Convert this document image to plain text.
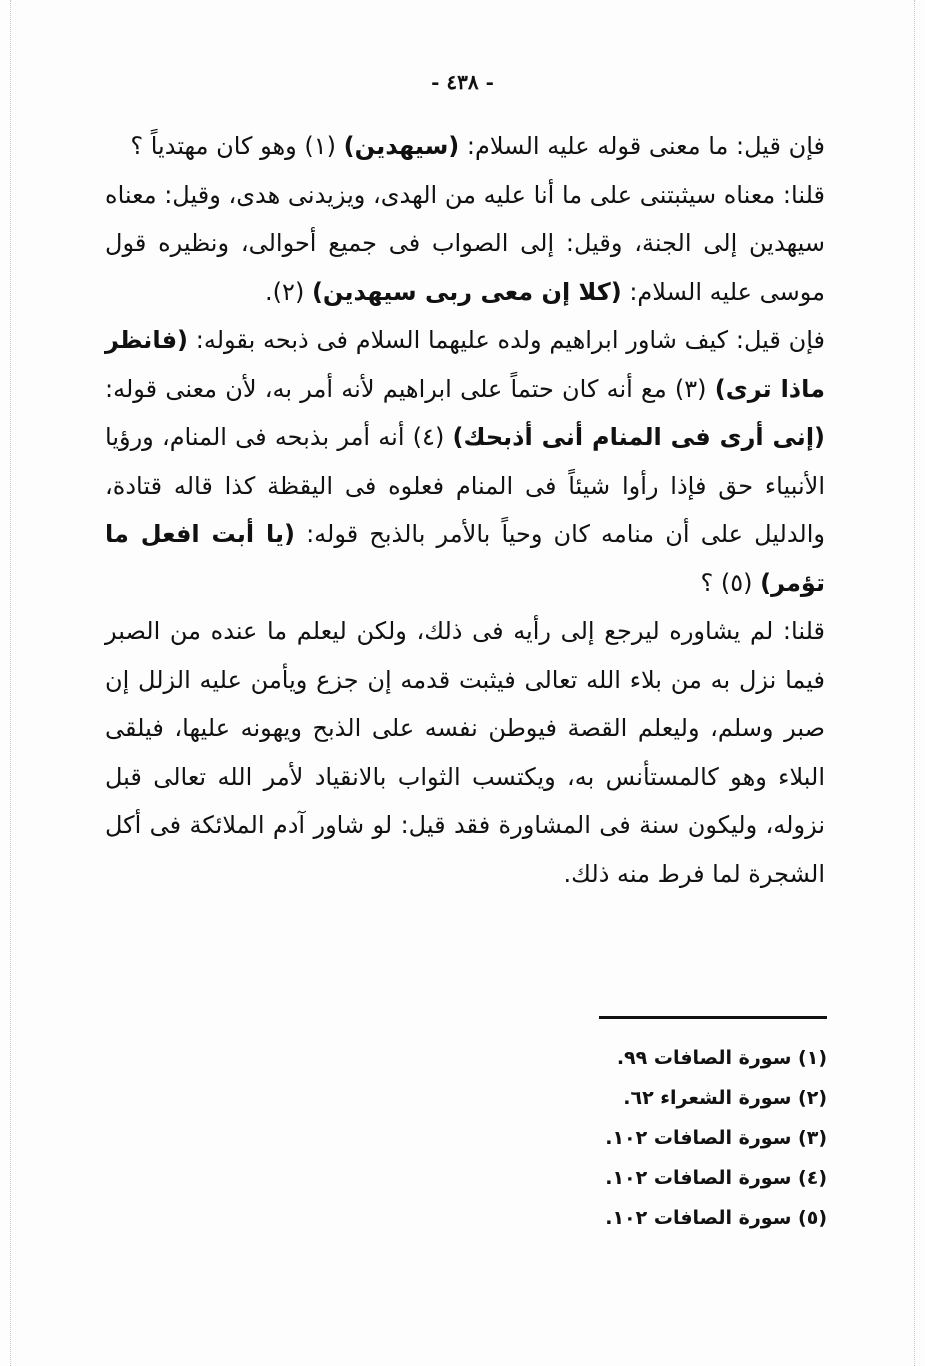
- ٤٣٨ -

فإن قيل: ما معنى قوله عليه السلام: (سيهدين) (١) وهو كان مهتدياً ؟

قلنا: معناه سيثبتنى على ما أنا عليه من الهدى، ويزيدنى هدى، وقيل: معناه سيهدين إلى الجنة، وقيل: إلى الصواب فى جميع أحوالى، ونظيره قول موسى عليه السلام: (كلا إن معى ربى سيهدين) (٢).

فإن قيل: كيف شاور ابراهيم ولده عليهما السلام فى ذبحه بقوله: (فانظر ماذا ترى) (٣) مع أنه كان حتماً على ابراهيم لأنه أمر به، لأن معنى قوله: (إنى أرى فى المنام أنى أذبحك) (٤) أنه أمر بذبحه فى المنام، ورؤيا الأنبياء حق فإذا رأوا شيئاً فى المنام فعلوه فى اليقظة كذا قاله قتادة، والدليل على أن منامه كان وحياً بالأمر بالذبح قوله: (يا أبت افعل ما تؤمر) (٥) ؟

قلنا: لم يشاوره ليرجع إلى رأيه فى ذلك، ولكن ليعلم ما عنده من الصبر فيما نزل به من بلاء الله تعالى فيثبت قدمه إن جزع ويأمن عليه الزلل إن صبر وسلم، وليعلم القصة فيوطن نفسه على الذبح ويهونه عليها، فيلقى البلاء وهو كالمستأنس به، ويكتسب الثواب بالانقياد لأمر الله تعالى قبل نزوله، وليكون سنة فى المشاورة فقد قيل: لو شاور آدم الملائكة فى أكل الشجرة لما فرط منه ذلك.

(١) سورة الصافات ٩٩.
(٢) سورة الشعراء ٦٢.
(٣) سورة الصافات ١٠٢.
(٤) سورة الصافات ١٠٢.
(٥) سورة الصافات ١٠٢.
